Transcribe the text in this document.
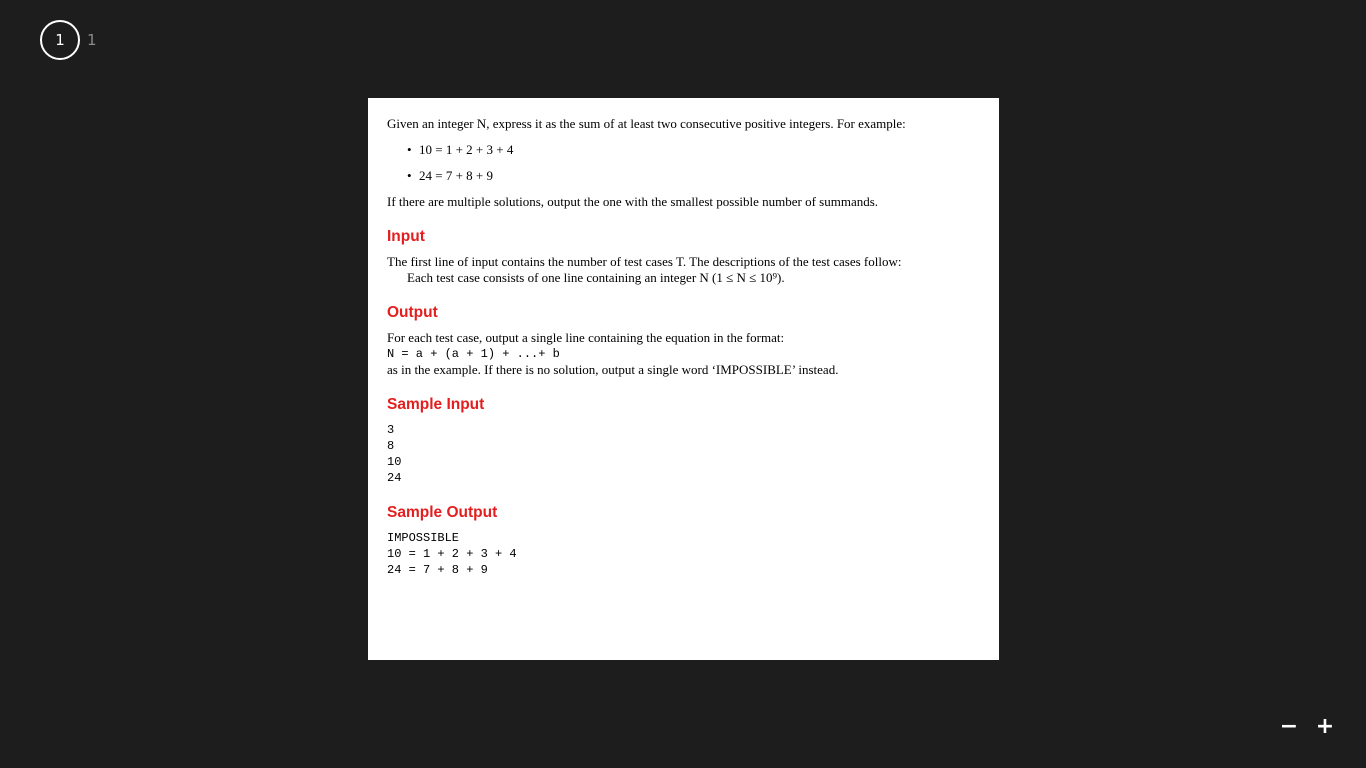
1	1

Given an integer N, express it as the sum of at least two consecutive positive integers. For example:

• 10 = 1 + 2 + 3 + 4
• 24 = 7 + 8 + 9

If there are multiple solutions, output the one with the smallest possible number of summands.

Input

The first line of input contains the number of test cases T. The descriptions of the test cases follow:

Each test case consists of one line containing an integer N (1 ≤ N ≤ 10⁹).

Output

For each test case, output a single line containing the equation in the format:

N = a + (a + 1) + ...+ b

as in the example. If there is no solution, output a single word ‘IMPOSSIBLE’ instead.

Sample Input
3
8
10
24
Sample Output
IMPOSSIBLE
10 = 1 + 2 + 3 + 4
24 = 7 + 8 + 9
− +
